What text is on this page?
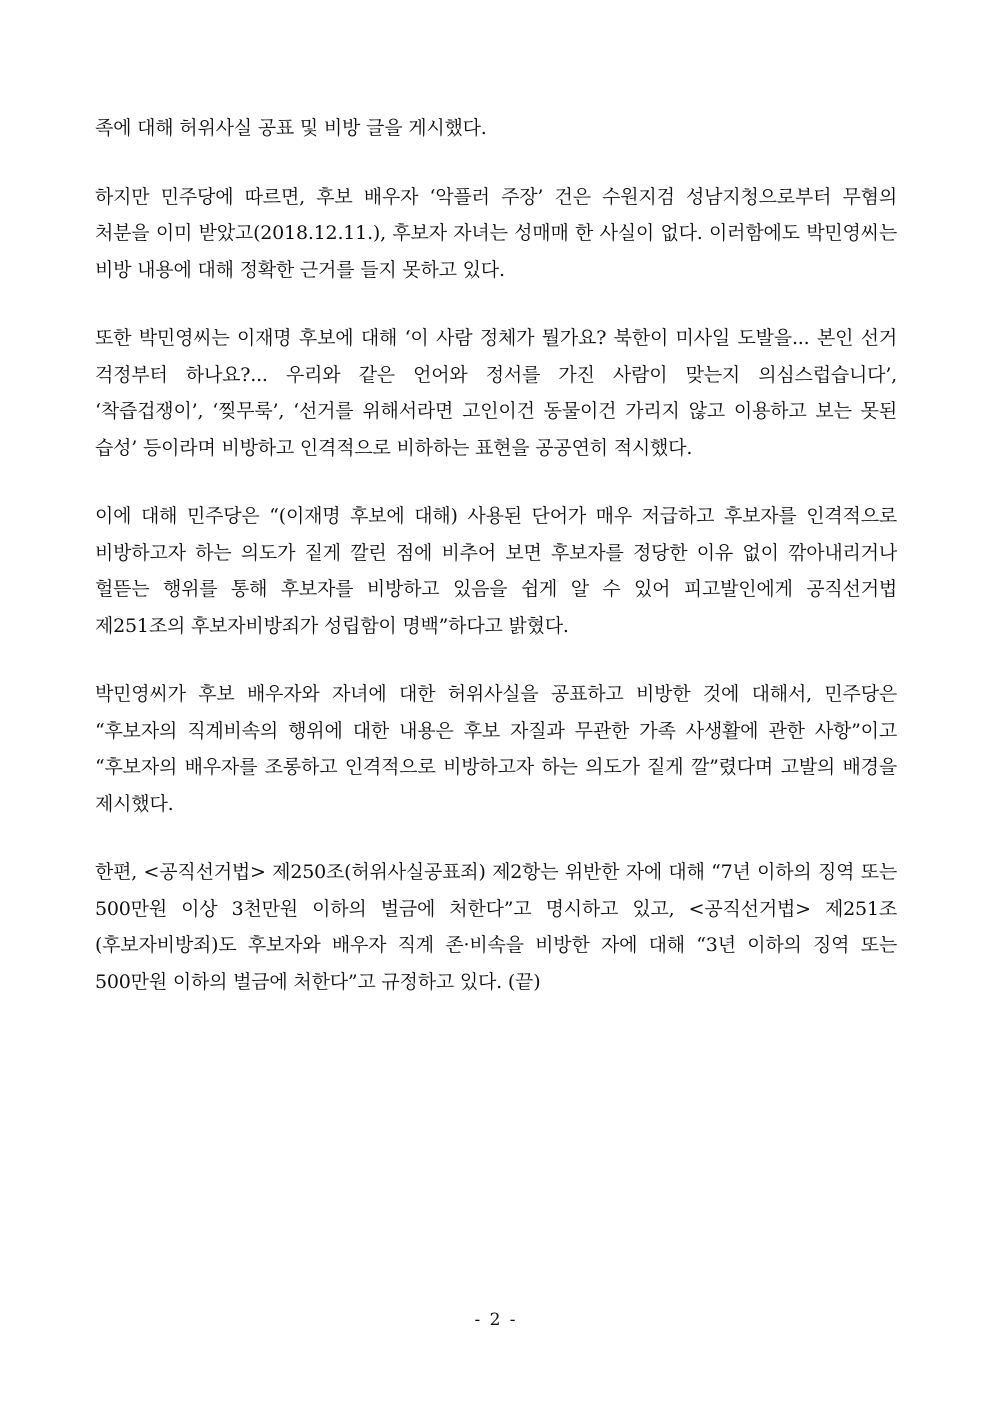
족에 대해 허위사실 공표 및 비방 글을 게시했다.

하지만 민주당에 따르면, 후보 배우자 ‘악플러 주장’ 건은 수원지검 성남지청으로부터 무혐의 처분을 이미 받았고(2018.12.11.), 후보자 자녀는 성매매 한 사실이 없다. 이러함에도 박민영씨는 비방 내용에 대해 정확한 근거를 들지 못하고 있다.

또한 박민영씨는 이재명 후보에 대해 ‘이 사람 정체가 뭘가요? 북한이 미사일 도발을... 본인 선거 걱정부터 하나요?... 우리와 같은 언어와 정서를 가진 사람이 맞는지 의심스럽습니다’, ‘착즙겁쟁이’, ‘찢무룩’, ‘선거를 위해서라면 고인이건 동물이건 가리지 않고 이용하고 보는 못된 습성’ 등이라며 비방하고 인격적으로 비하하는 표현을 공공연히 적시했다.

이에 대해 민주당은 “(이재명 후보에 대해) 사용된 단어가 매우 저급하고 후보자를 인격적으로 비방하고자 하는 의도가 짙게 깔린 점에 비추어 보면 후보자를 정당한 이유 없이 깎아내리거나 헐뜯는 행위를 통해 후보자를 비방하고 있음을 쉽게 알 수 있어 피고발인에게 공직선거법 제251조의 후보자비방죄가 성립함이 명백”하다고 밝혔다.

박민영씨가 후보 배우자와 자녀에 대한 허위사실을 공표하고 비방한 것에 대해서, 민주당은 “후보자의 직계비속의 행위에 대한 내용은 후보 자질과 무관한 가족 사생활에 관한 사항”이고 “후보자의 배우자를 조롱하고 인격적으로 비방하고자 하는 의도가 짙게 깔”렸다며 고발의 배경을 제시했다.

한편, <공직선거법> 제250조(허위사실공표죄) 제2항는 위반한 자에 대해 “7년 이하의 징역 또는 500만원 이상 3천만원 이하의 벌금에 처한다”고 명시하고 있고, <공직선거법> 제251조(후보자비방죄)도 후보자와 배우자 직계 존·비속을 비방한 자에 대해 “3년 이하의 징역 또는 500만원 이하의 벌금에 처한다”고 규정하고 있다. (끝)

- 2 -
